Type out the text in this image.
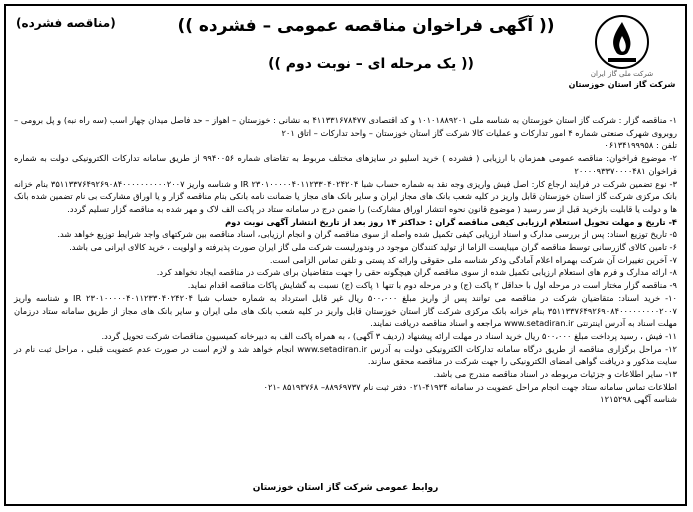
شرکت ملی گاز ایران
شرکت گاز استان خوزستان
(( آگهی فراخوان مناقصه عمومی – فشرده ))
(( یک مرحله ای – نوبت دوم ))
(مناقصه فشرده)

۱- مناقصه گزار : شرکت گاز استان خوزستان به شناسه ملی ۱۰۱۰۱۸۸۹۲۰۱ و کد اقتصادی ۴۱۱۳۳۱۶۷۸۴۷۷ به نشانی : خوزستان – اهواز – حد فاصل میدان چهار اسب (سه راه نبه) و پل برومی – روبروی شهرک صنعتی شماره ۴ امور تدارکات و عملیات کالا شرکت گاز استان خوزستان – واحد تدارکات – اتاق ۲۰۱

تلفن : ۰۶۱۳۴۱۹۹۹۵۸

۲- موضوع فراخوان: مناقصه عمومی همزمان با ارزیابی ( فشرده ) خرید اسلیو در سایزهای مختلف مربوط به تقاضای شماره ۹۹۴۰۰۵۶ از طریق سامانه تدارکات الکترونیکی دولت به شماره فراخوان ۲۰۰۰۰۹۳۳۷۰۰۰۰۴۸۱

۳- نوع تضمین شرکت در فرایند ارجاع کار: اصل فیش واریزی وجه نقد به شماره حساب شبا IR ۲۳۰۱۰۰۰۰۰۴۰۱۱۲۳۳۰۴۰۲۴۲۰۴ و شناسه واریز ۳۵۱۱۳۳۷۶۴۹۲۶۹۰۸۴۰۰۰۰۰۰۰۰۰۰۲۰۰۷ بنام خزانه بانک مرکزی شرکت گاز استان خوزستان قابل واریز در کلیه شعب بانک های مجاز ایران و سایر بانک های مجاز یا ضمانت نامه بانکی بنام مناقصه گزار و یا اوراق مشارکت بی نام تضمین شده بانک ها و دولت یا قابلیت بازخرید قبل از سر رسید ( موضوع قانون نحوه انتشار اوراق مشارکت) را ضمن درج در سامانه ستاد در پاکت الف لاک و مهر شده به مناقصه گزار تسلیم گردد.

۴- تاریخ و مهلت تحویل استعلام ارزیابی کیفی مناقصه گران : حداکثر ۱۴ روز بعد از تاریخ انتشار آگهی نوبت دوم

۵- تاریخ توزیع اسناد: پس از بررسی مدارک و اسناد ارزیابی کیفی تکمیل شده واصله از سوی مناقصه گران و انجام ارزیابی، اسناد مناقصه بین شرکتهای واجد شرایط توزیع خواهد شد.

۶- تامین کالای گازرسانی توسط مناقصه گران میبایست الزاما از تولید کنندگان موجود در وندورلیست شرکت ملی گاز ایران صورت پذیرفته و اولویت ، خرید کالای ایرانی می باشد.

۷- آخرین تغییرات آن شرکت بهمراه اعلام آمادگی وذکر شناسه ملی حقوقی وارائه کد پستی و تلفن تماس الزامی است.

۸- ارائه مدارک و فرم های استعلام ارزیابی تکمیل شده از سوی مناقصه گران هیچگونه حقی را جهت متقاضیان برای شرکت در مناقصه ایجاد نخواهد کرد.

۹- مناقصه گزار مختار است در مرحله اول با حداقل ۲ پاکت (ج) و در مرحله دوم با تنها ۱ پاکت (ج) نسبت به گشایش پاکات مناقصه اقدام نماید.

۱۰- خرید اسناد: متقاضیان شرکت در مناقصه می توانند پس از واریز مبلغ ۵۰۰،۰۰۰ ریال غیر قابل استرداد به شماره حساب شبا IR ۲۳۰۱۰۰۰۰۰۴۰۱۱۲۳۳۰۴۰۲۴۲۰۴ و شناسه واریز ۳۵۱۱۳۳۷۶۴۹۲۶۹۰۸۴۰۰۰۰۰۰۰۰۰۲۰۰۷ بنام خزانه بانک مرکزی شرکت گاز استان خوزستان قابل واریز در کلیه شعب بانک های ملی ایران و سایر بانک های مجاز از طریق سامانه ستاد درزمان مهلت اسناد به آدرس اینترنتی www.setadiran.ir مراجعه و اسناد مناقصه دریافت نمایند.

۱۱- فیش ، رسید پرداخت مبلغ ۵۰۰،۰۰۰ ریال خرید اسناد در مهلت ارائه پیشنهاد (ردیف ۳ آگهی) ، به همراه پاکت الف به دبیرخانه کمیسیون مناقصات شرکت تحویل گردد.

۱۲- مراحل برگزاری مناقصه از طریق درگاه سامانه تدارکات الکترونیکی دولت به آدرس www.setadiran.ir انجام خواهد شد و لازم است در صورت عدم عضویت قبلی ، مراحل ثبت نام در سایت مذکور و دریافت گواهی امضای الکترونیکی را جهت شرکت در مناقصه محقق سازند.

۱۳- سایر اطلاعات و جزئیات مربوطه در اسناد مناقصه مندرج می باشد.

اطلاعات تماس سامانه ستاد جهت انجام مراحل عضویت در سامانه ۴۱۹۳۴-۰۲۱ دفتر ثبت نام ۸۸۹۶۹۷۳۷– ۸۵۱۹۳۷۶۸ -۰۲۱

شناسه آگهی ۱۲۱۵۲۹۸

روابط عمومی شرکت گاز استان خوزستان
